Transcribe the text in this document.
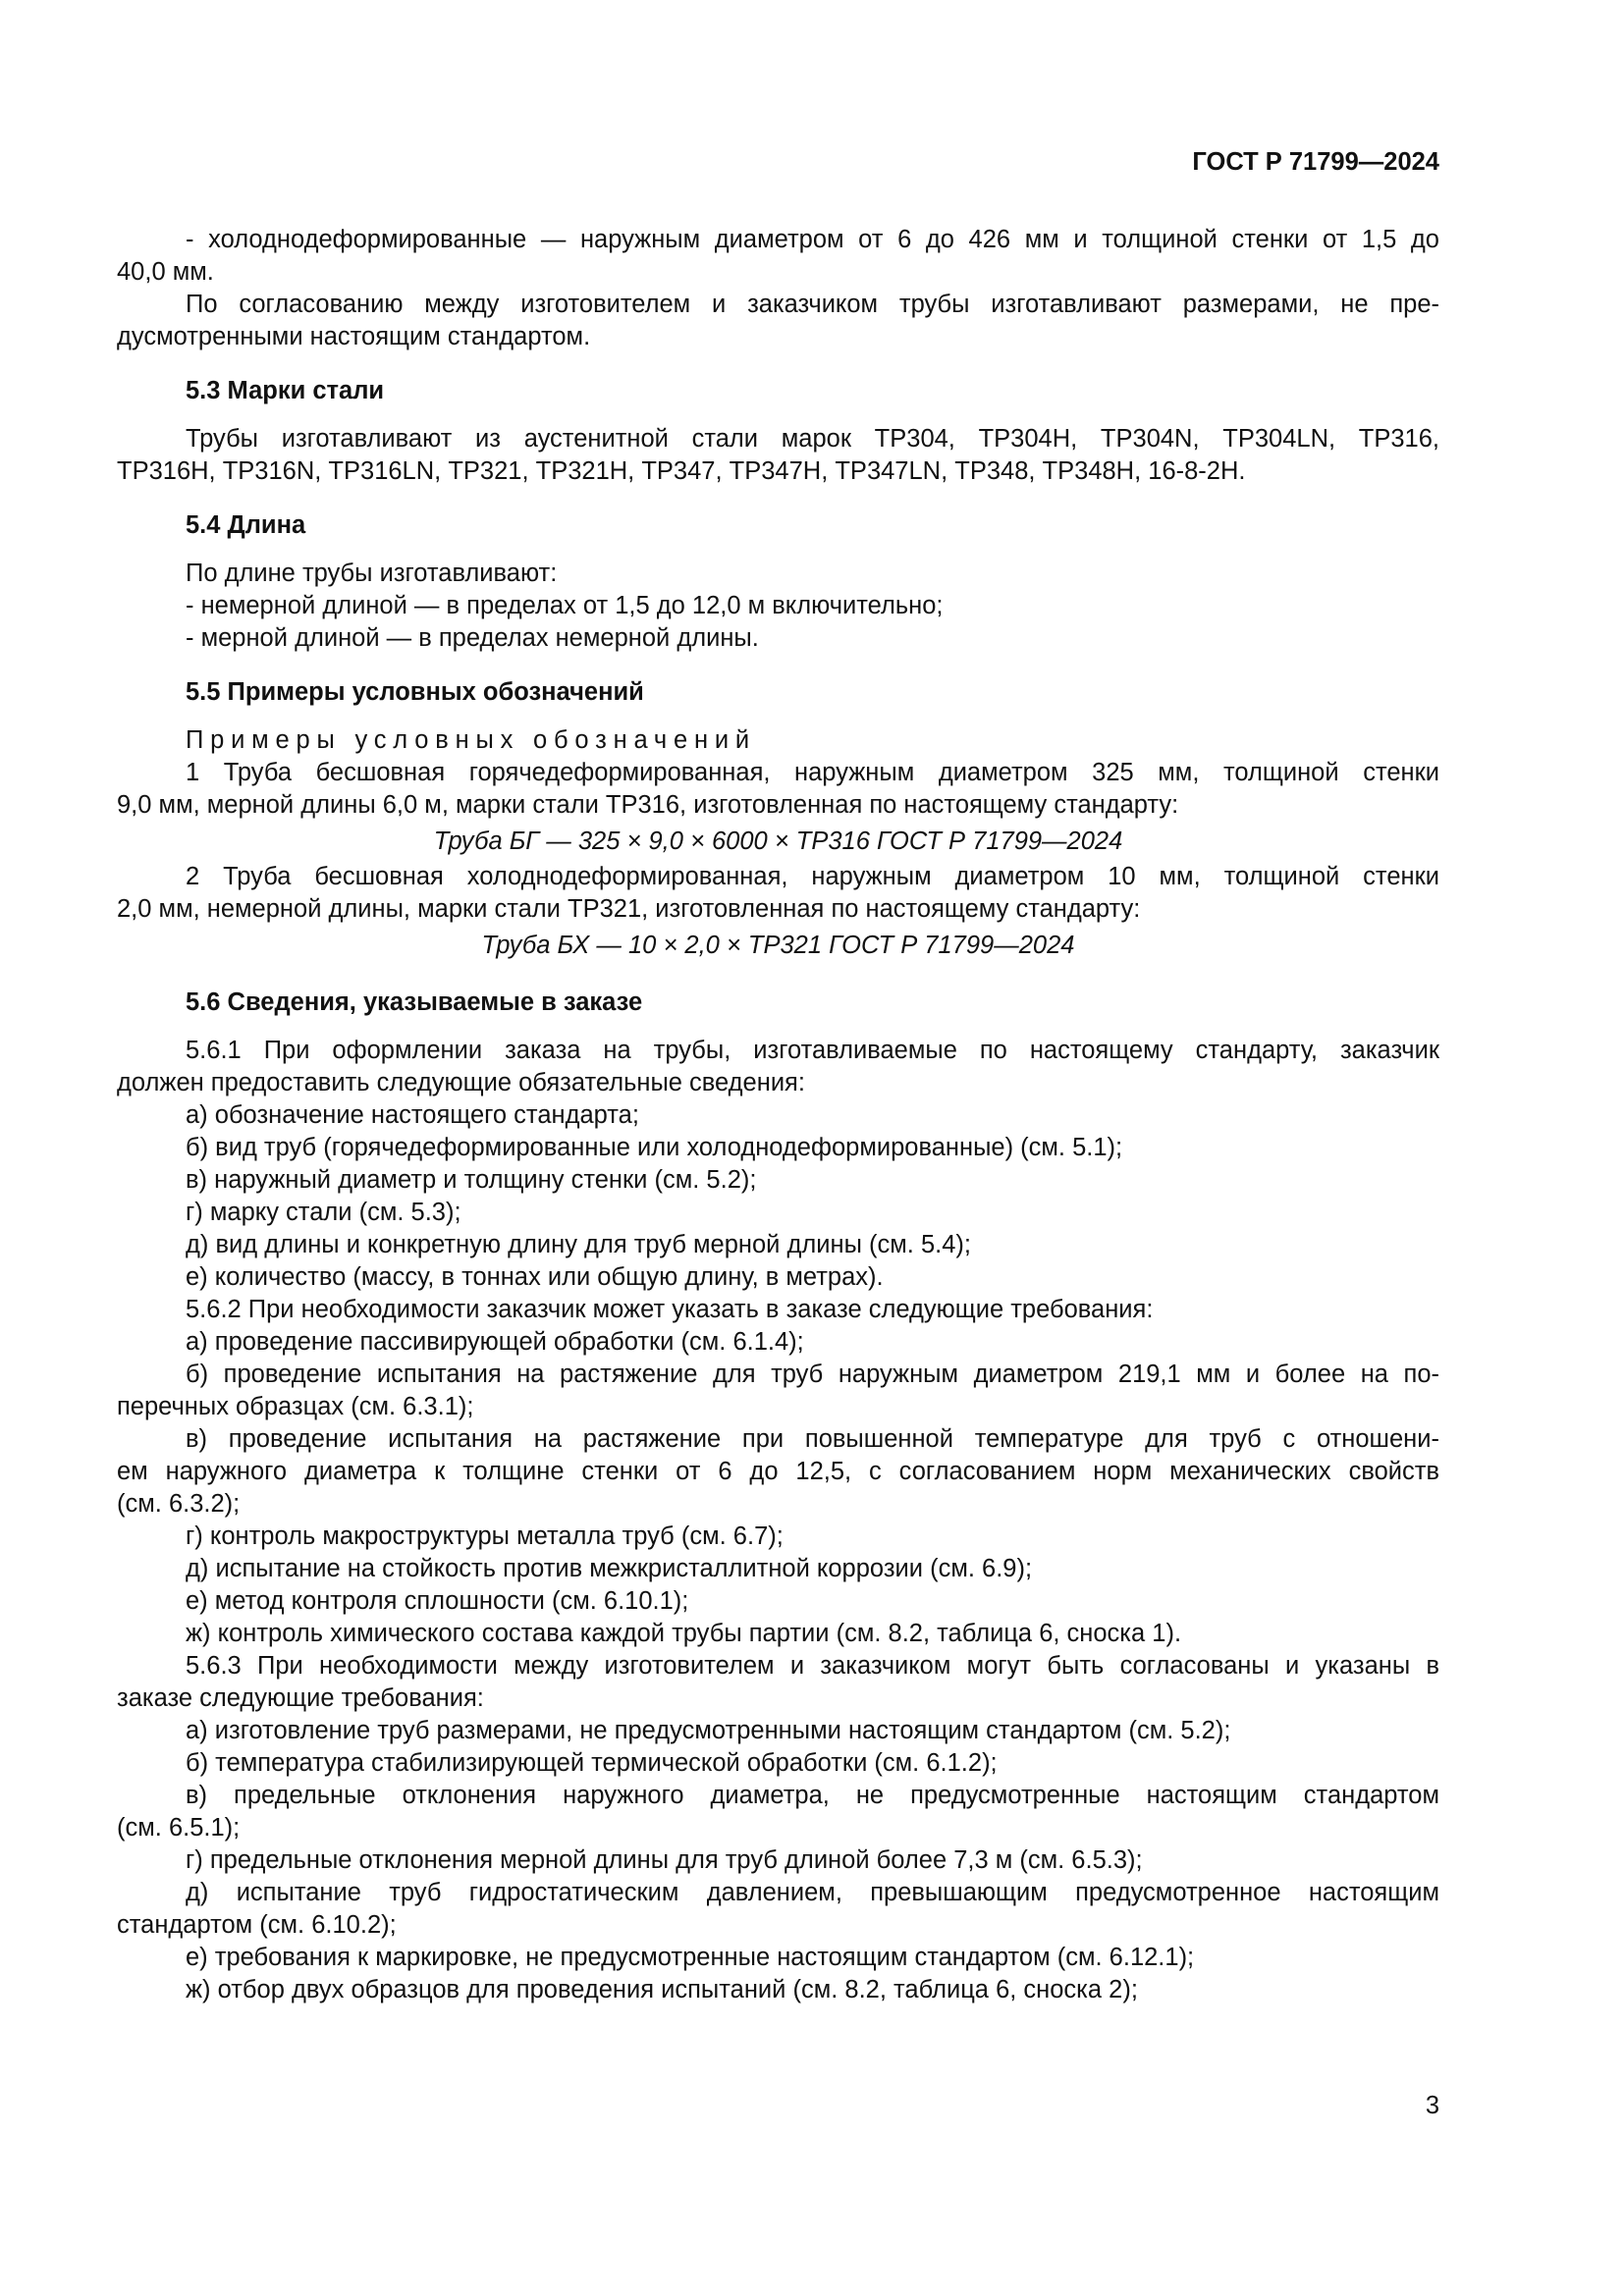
ГОСТ Р 71799—2024

- холоднодеформированные — наружным диаметром от 6 до 426 мм и толщиной стенки от 1,5 до

40,0 мм.

По согласованию между изготовителем и заказчиком трубы изготавливают размерами, не пре-

дусмотренными настоящим стандартом.

5.3 Марки стали

Трубы изготавливают из аустенитной стали марок ТР304, ТР304Н, ТР304N, ТР304LN, ТР316,

ТР316Н, ТР316N, ТР316LN, ТР321, ТР321Н, ТР347, ТР347Н, ТР347LN, ТР348, ТР348Н, 16-8-2Н.

5.4 Длина

По длине трубы изготавливают:

- немерной длиной — в пределах от 1,5 до 12,0 м включительно;

- мерной длиной — в пределах немерной длины.

5.5 Примеры условных обозначений

Примеры условных обозначений

1 Труба бесшовная горячедеформированная, наружным диаметром 325 мм, толщиной стенки

9,0 мм, мерной длины 6,0 м, марки стали ТР316, изготовленная по настоящему стандарту:

Труба БГ — 325 × 9,0 × 6000 × ТР316 ГОСТ Р 71799—2024

2 Труба бесшовная холоднодеформированная, наружным диаметром 10 мм, толщиной стенки

2,0 мм, немерной длины, марки стали ТР321, изготовленная по настоящему стандарту:

Труба БХ — 10 × 2,0 × ТР321 ГОСТ Р 71799—2024

5.6 Сведения, указываемые в заказе

5.6.1 При оформлении заказа на трубы, изготавливаемые по настоящему стандарту, заказчик

должен предоставить следующие обязательные сведения:

а) обозначение настоящего стандарта;

б) вид труб (горячедеформированные или холоднодеформированные) (см. 5.1);

в) наружный диаметр и толщину стенки (см. 5.2);

г) марку стали (см. 5.3);

д) вид длины и конкретную длину для труб мерной длины (см. 5.4);

е) количество (массу, в тоннах или общую длину, в метрах).

5.6.2 При необходимости заказчик может указать в заказе следующие требования:

а) проведение пассивирующей обработки (см. 6.1.4);

б) проведение испытания на растяжение для труб наружным диаметром 219,1 мм и более на по-

перечных образцах (см. 6.3.1);

в) проведение испытания на растяжение при повышенной температуре для труб с отношени-

ем наружного диаметра к толщине стенки от 6 до 12,5, с согласованием норм механических свойств

(см. 6.3.2);

г) контроль макроструктуры металла труб (см. 6.7);

д) испытание на стойкость против межкристаллитной коррозии (см. 6.9);

е) метод контроля сплошности (см. 6.10.1);

ж) контроль химического состава каждой трубы партии (см. 8.2, таблица 6, сноска 1).

5.6.3 При необходимости между изготовителем и заказчиком могут быть согласованы и указаны в

заказе следующие требования:

а) изготовление труб размерами, не предусмотренными настоящим стандартом (см. 5.2);

б) температура стабилизирующей термической обработки (см. 6.1.2);

в) предельные отклонения наружного диаметра, не предусмотренные настоящим стандартом

(см. 6.5.1);

г) предельные отклонения мерной длины для труб длиной более 7,3 м (см. 6.5.3);

д) испытание труб гидростатическим давлением, превышающим предусмотренное настоящим

стандартом (см. 6.10.2);

е) требования к маркировке, не предусмотренные настоящим стандартом (см. 6.12.1);

ж) отбор двух образцов для проведения испытаний (см. 8.2, таблица 6, сноска 2);

3
